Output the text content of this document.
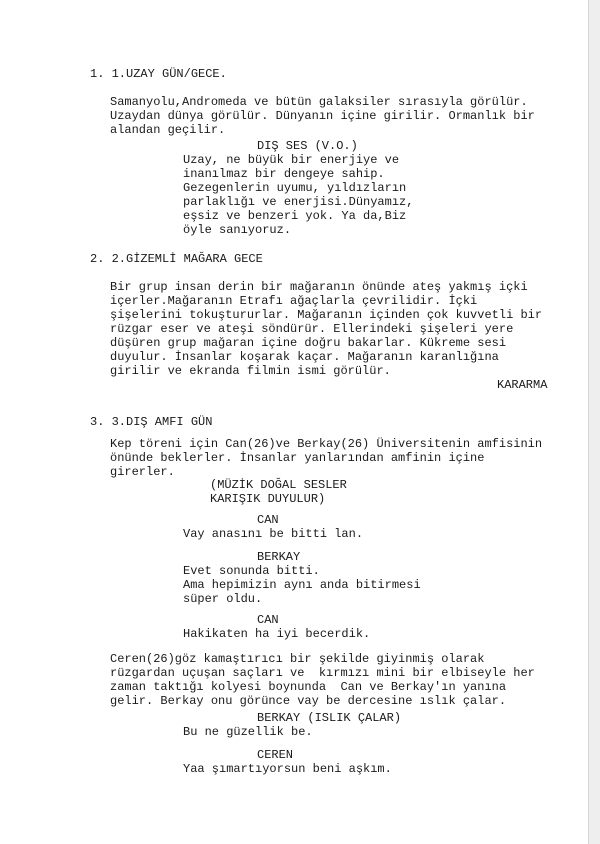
1. 1.UZAY GÜN/GECE.
Samanyolu,Andromeda ve bütün galaksiler sırasıyla görülür.
Uzaydan dünya görülür. Dünyanın içine girilir. Ormanlık bir
alandan geçilir.
DIŞ SES (V.O.)
Uzay, ne büyük bir enerjiye ve
inanılmaz bir dengeye sahip.
Gezegenlerin uyumu, yıldızların
parlaklığı ve enerjisi.Dünyamız,
eşsiz ve benzeri yok. Ya da,Biz
öyle sanıyoruz.
2. 2.GİZEMLİ MAĞARA GECE
Bir grup insan derin bir mağaranın önünde ateş yakmış içki
içerler.Mağaranın Etrafı ağaçlarla çevrilidir. İçki
şişelerini tokuştururlar. Mağaranın içinden çok kuvvetli bir
rüzgar eser ve ateşi söndürür. Ellerindeki şişeleri yere
düşüren grup mağaran içine doğru bakarlar. Kükreme sesi
duyulur. İnsanlar koşarak kaçar. Mağaranın karanlığına
girilir ve ekranda filmin ismi görülür.
KARARMA
3. 3.DIŞ AMFI GÜN
Kep töreni için Can(26)ve Berkay(26) Üniversitenin amfisinin
önünde beklerler. İnsanlar yanlarından amfinin içine
girerler.
(MÜZİK DOĞAL SESLER
KARIŞIK DUYULUR)
CAN
Vay anasını be bitti lan.
BERKAY
Evet sonunda bitti.
Ama hepimizin aynı anda bitirmesi
süper oldu.
CAN
Hakikaten ha iyi becerdik.
Ceren(26)göz kamaştırıcı bir şekilde giyinmiş olarak
rüzgardan uçuşan saçları ve  kırmızı mini bir elbiseyle her
zaman taktığı kolyesi boynunda  Can ve Berkay'ın yanına
gelir. Berkay onu görünce vay be dercesine ıslık çalar.
BERKAY (ISLIK ÇALAR)
Bu ne güzellik be.
CEREN
Yaa şımartıyorsun beni aşkım.
